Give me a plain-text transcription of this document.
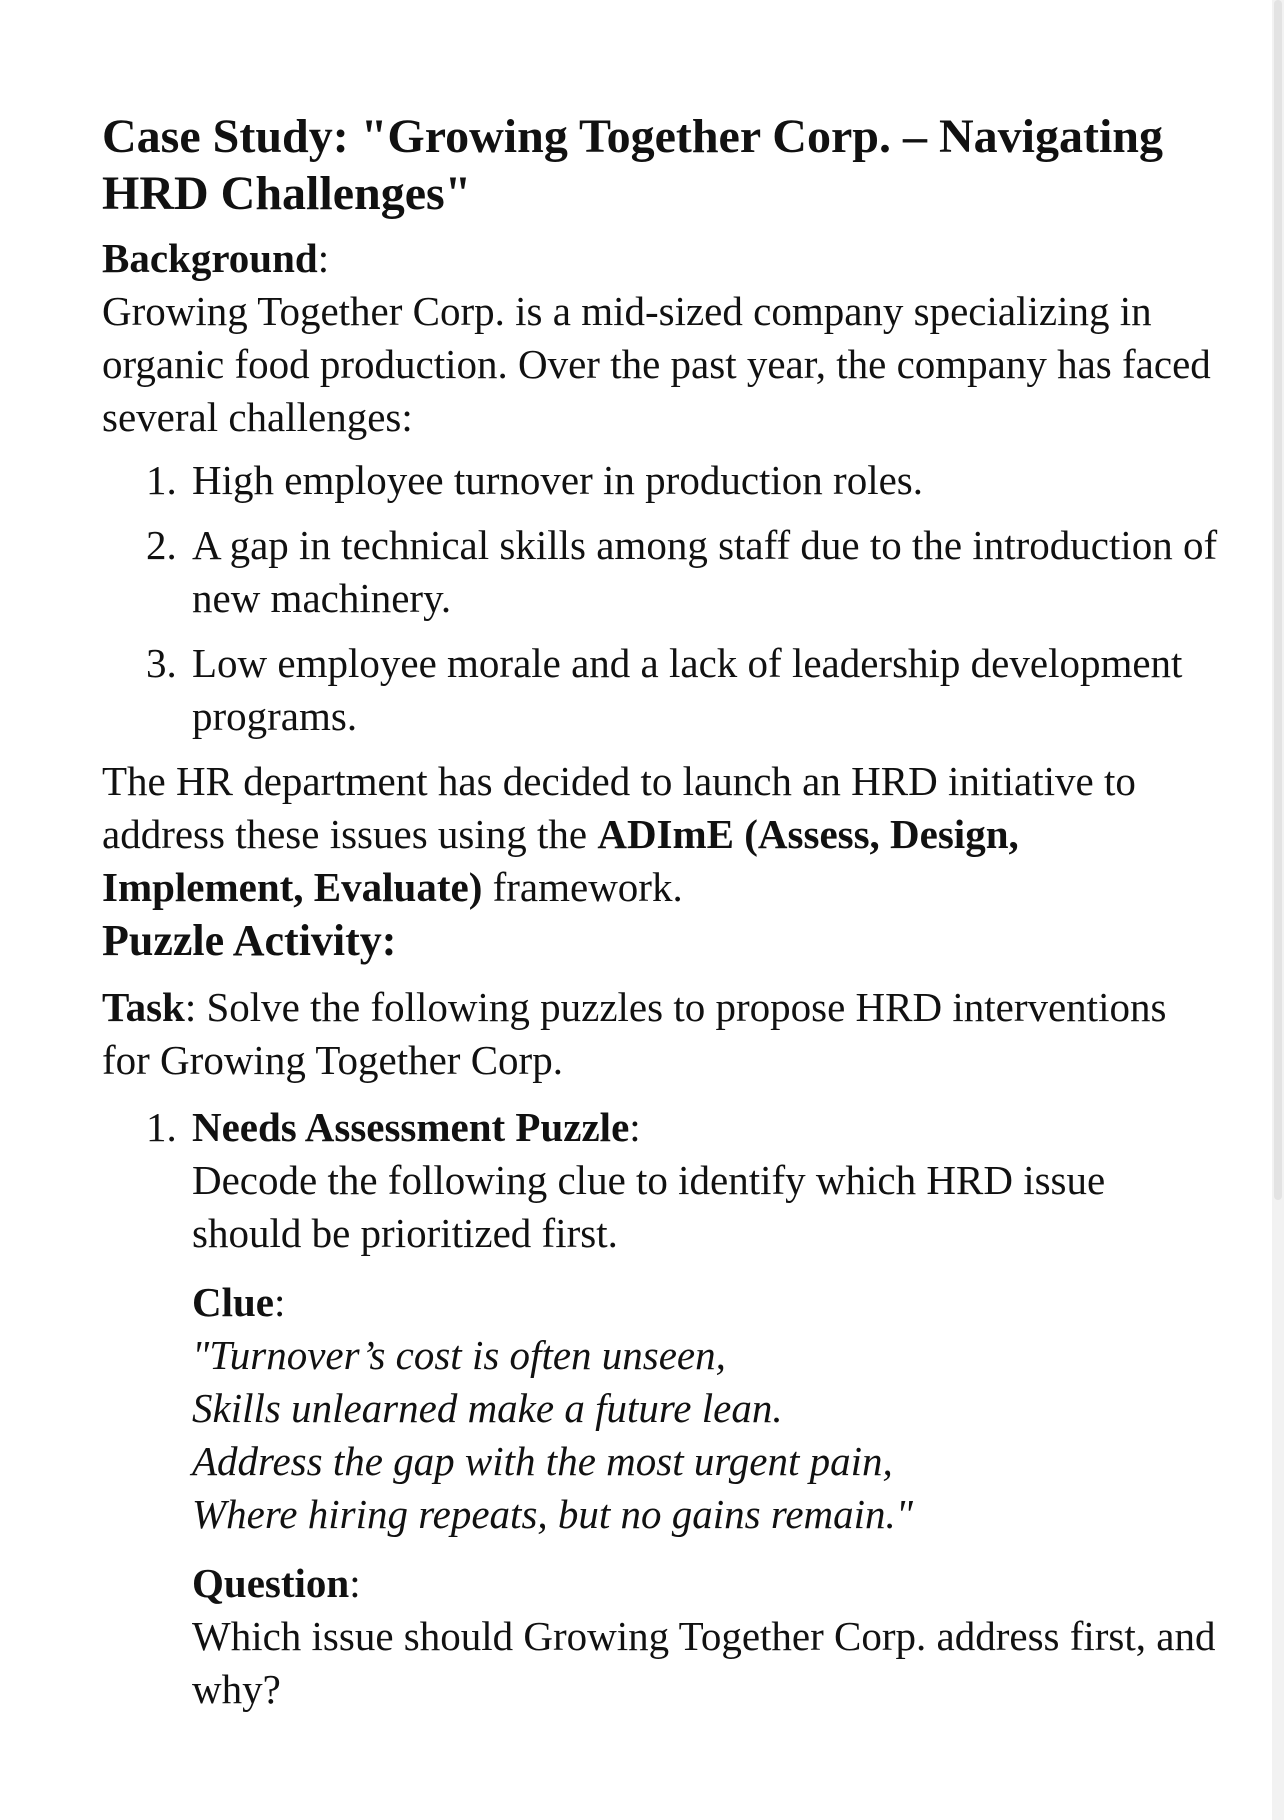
Case Study: "Growing Together Corp. – Navigating HRD Challenges"
Background:

Growing Together Corp. is a mid-sized company specializing in organic food production. Over the past year, the company has faced several challenges:

1. High employee turnover in production roles.
2. A gap in technical skills among staff due to the introduction of new machinery.
3. Low employee morale and a lack of leadership development programs.

The HR department has decided to launch an HRD initiative to address these issues using the ADImE (Assess, Design, Implement, Evaluate) framework.

Puzzle Activity:

Task: Solve the following puzzles to propose HRD interventions for Growing Together Corp.

1. Needs Assessment Puzzle:
Decode the following clue to identify which HRD issue should be prioritized first.
Clue:
"Turnover’s cost is often unseen,
Skills unlearned make a future lean.
Address the gap with the most urgent pain,
Where hiring repeats, but no gains remain."
Question:
Which issue should Growing Together Corp. address first, and why?
